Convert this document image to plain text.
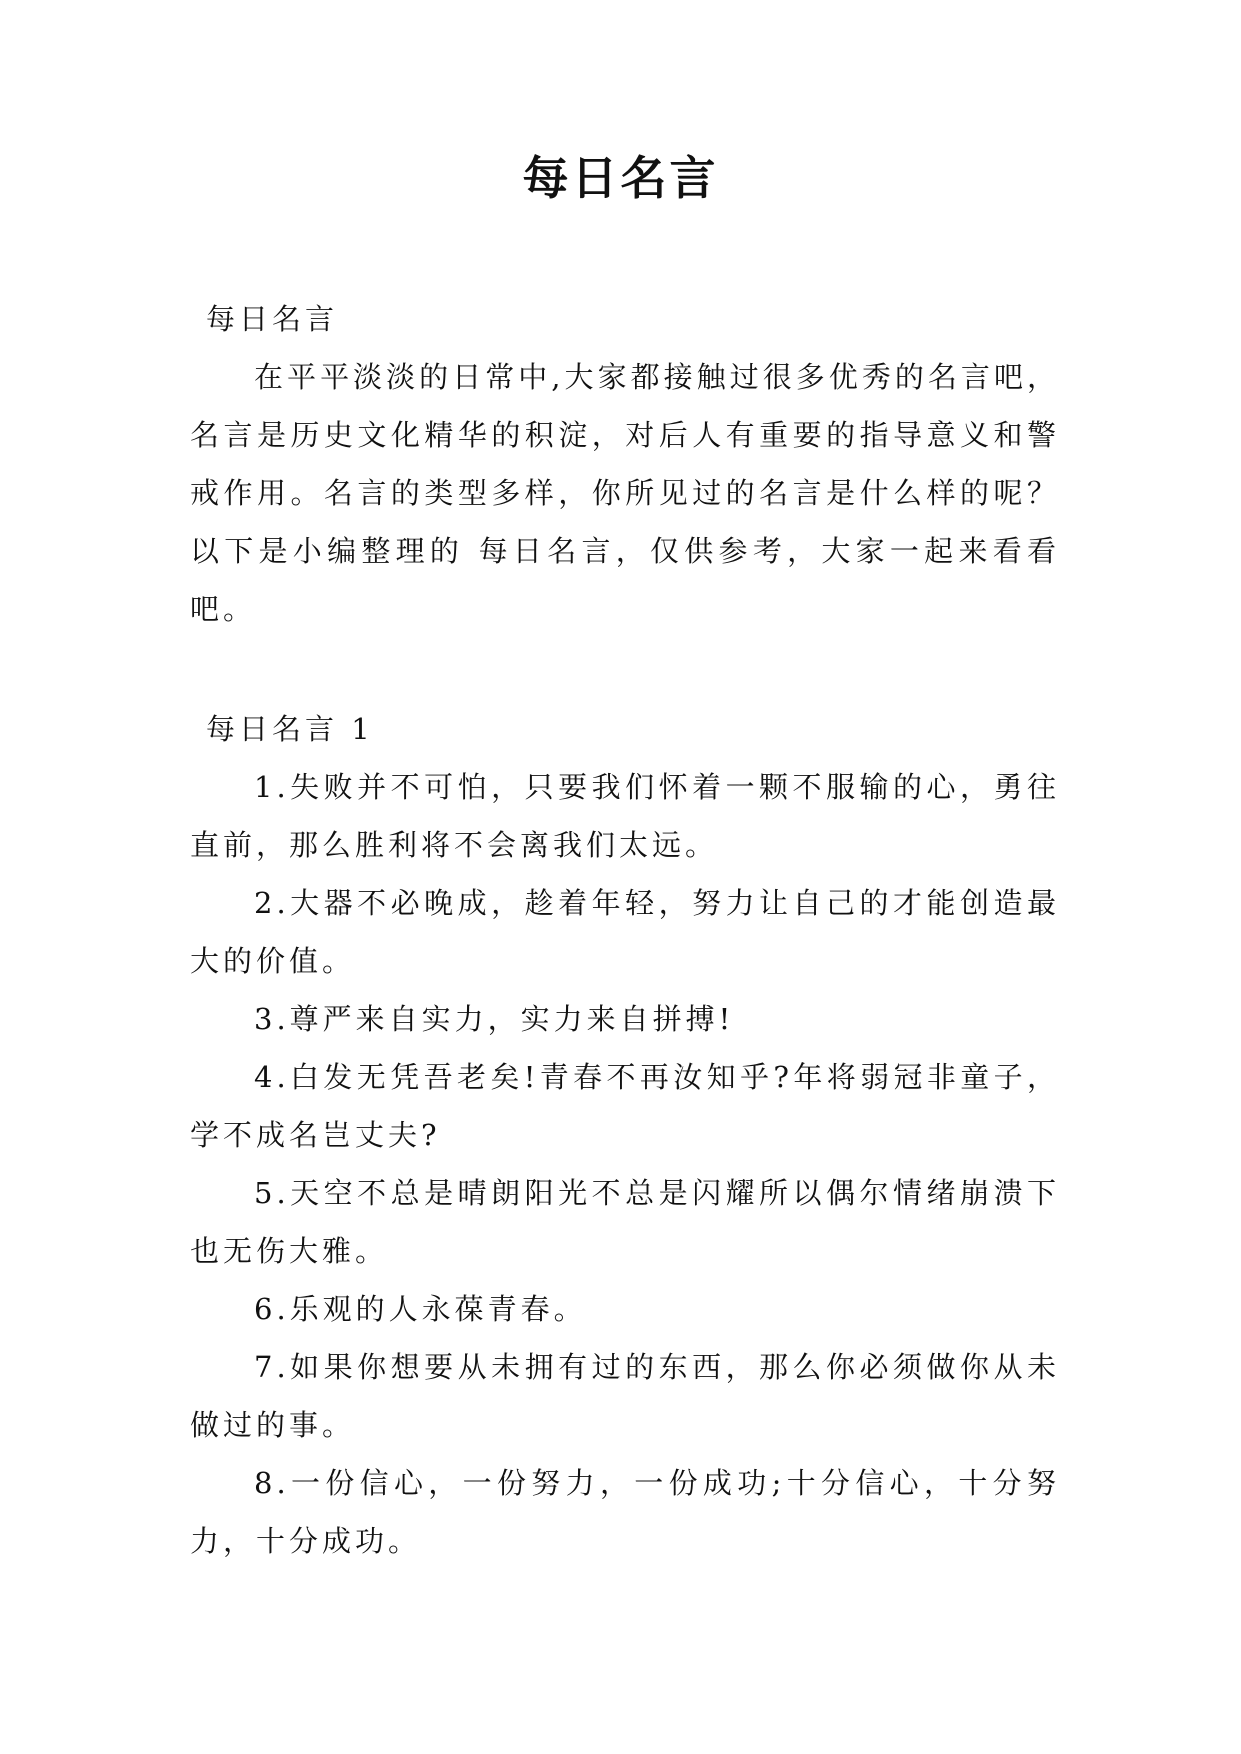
每日名言

每日名言

在平平淡淡的日常中,大家都接触过很多优秀的名言吧，名言是历史文化精华的积淀，对后人有重要的指导意义和警戒作用。名言的类型多样，你所见过的名言是什么样的呢？以下是小编整理的 每日名言，仅供参考，大家一起来看看吧。

每日名言 1

1.失败并不可怕，只要我们怀着一颗不服输的心，勇往直前，那么胜利将不会离我们太远。

2.大器不必晚成，趁着年轻，努力让自己的才能创造最大的价值。

3.尊严来自实力，实力来自拼搏!

4.白发无凭吾老矣!青春不再汝知乎?年将弱冠非童子，学不成名岂丈夫?

5.天空不总是晴朗阳光不总是闪耀所以偶尔情绪崩溃下也无伤大雅。

6.乐观的人永葆青春。

7.如果你想要从未拥有过的东西，那么你必须做你从未做过的事。

8.一份信心，一份努力，一份成功;十分信心，十分努力，十分成功。
